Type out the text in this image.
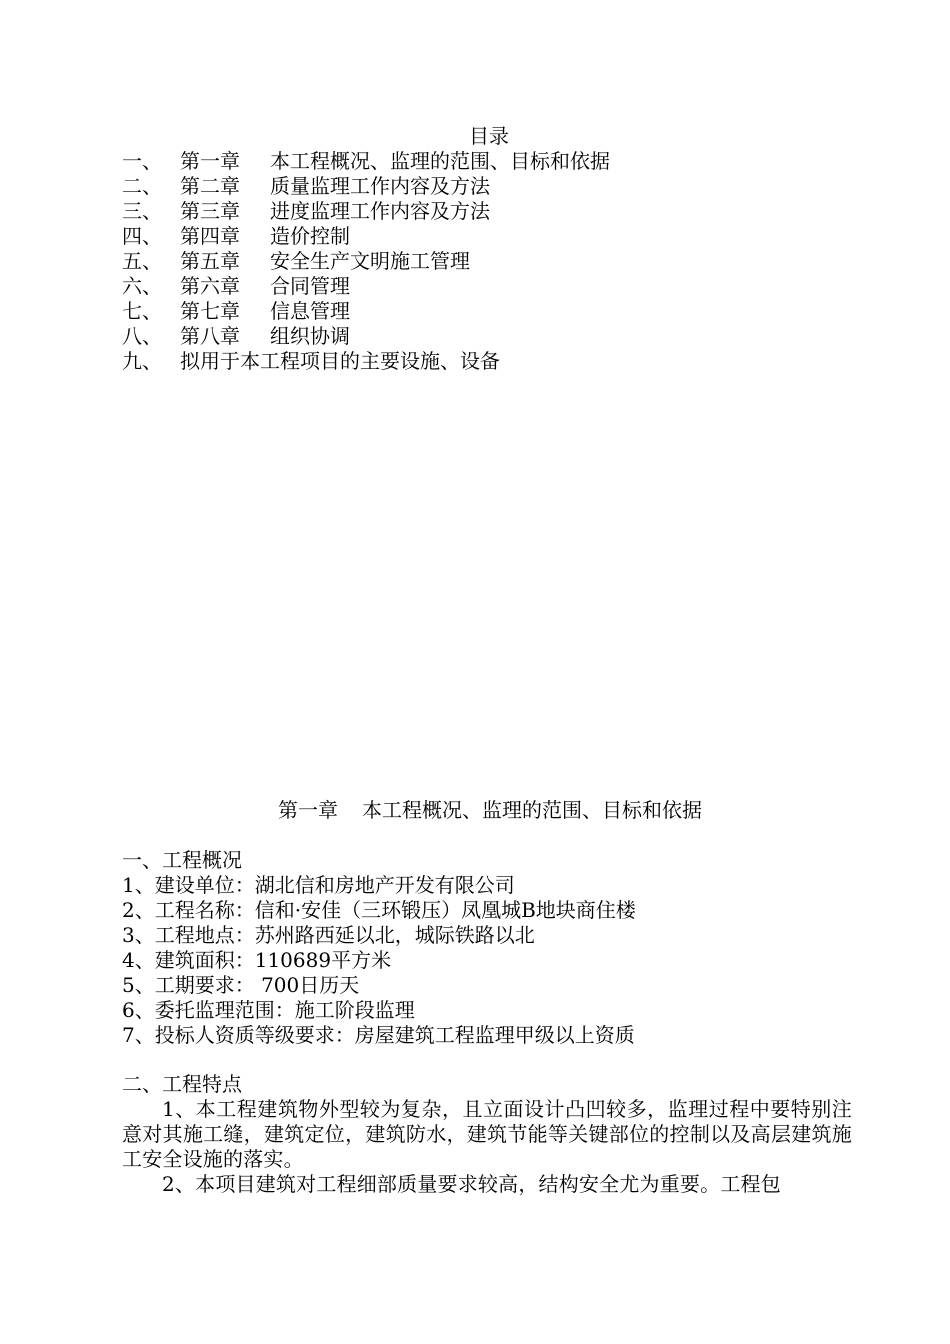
目录
一、 第一章	本工程概况、监理的范围、目标和依据
二、 第二章	质量监理工作内容及方法
三、 第三章	进度监理工作内容及方法
四、 第四章	造价控制
五、 第五章	安全生产文明施工管理
六、 第六章	合同管理
七、 第七章	信息管理
八、 第八章	组织协调
九、 拟用于本工程项目的主要设施、设备
第一章 本工程概况、监理的范围、目标和依据
一、工程概况
1、建设单位：湖北信和房地产开发有限公司
2、工程名称：信和·安佳（三环锻压）凤凰城B地块商住楼
3、工程地点：苏州路西延以北，城际铁路以北
4、建筑面积：110689平方米
5、工期要求： 700日历天
6、委托监理范围：施工阶段监理
7、投标人资质等级要求：房屋建筑工程监理甲级以上资质
二、工程特点

1、本工程建筑物外型较为复杂，且立面设计凸凹较多，监理过程中要特别注意对其施工缝，建筑定位，建筑防水，建筑节能等关键部位的控制以及高层建筑施工安全设施的落实。

2、本项目建筑对工程细部质量要求较高，结构安全尤为重要。工程包
